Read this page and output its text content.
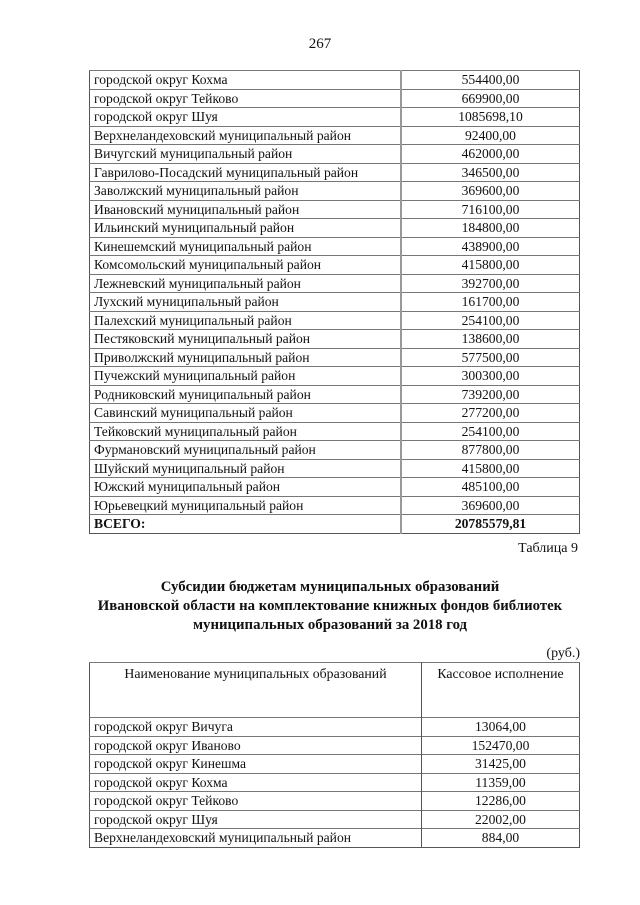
267
городской округ Кохма	554400,00
городской округ Тейково	669900,00
городской округ Шуя	1085698,10
Верхнеландеховский муниципальный район	92400,00
Вичугский муниципальный район	462000,00
Гаврилово-Посадский муниципальный район	346500,00
Заволжский муниципальный район	369600,00
Ивановский муниципальный район	716100,00
Ильинский муниципальный район	184800,00
Кинешемский муниципальный район	438900,00
Комсомольский муниципальный район	415800,00
Лежневский муниципальный район	392700,00
Лухский муниципальный район	161700,00
Палехский муниципальный район	254100,00
Пестяковский муниципальный район	138600,00
Приволжский муниципальный район	577500,00
Пучежский муниципальный район	300300,00
Родниковский муниципальный район	739200,00
Савинский муниципальный район	277200,00
Тейковский муниципальный район	254100,00
Фурмановский муниципальный район	877800,00
Шуйский муниципальный район	415800,00
Южский муниципальный район	485100,00
Юрьевецкий муниципальный район	369600,00
ВСЕГО:	20785579,81
Таблица 9
Субсидии бюджетам муниципальных образований
Ивановской области на комплектование книжных фондов библиотек
муниципальных образований за 2018 год
(руб.)
Наименование муниципальных образований	Кассовое исполнение
городской округ Вичуга	13064,00
городской округ Иваново	152470,00
городской округ Кинешма	31425,00
городской округ Кохма	11359,00
городской округ Тейково	12286,00
городской округ Шуя	22002,00
Верхнеландеховский муниципальный район	884,00
